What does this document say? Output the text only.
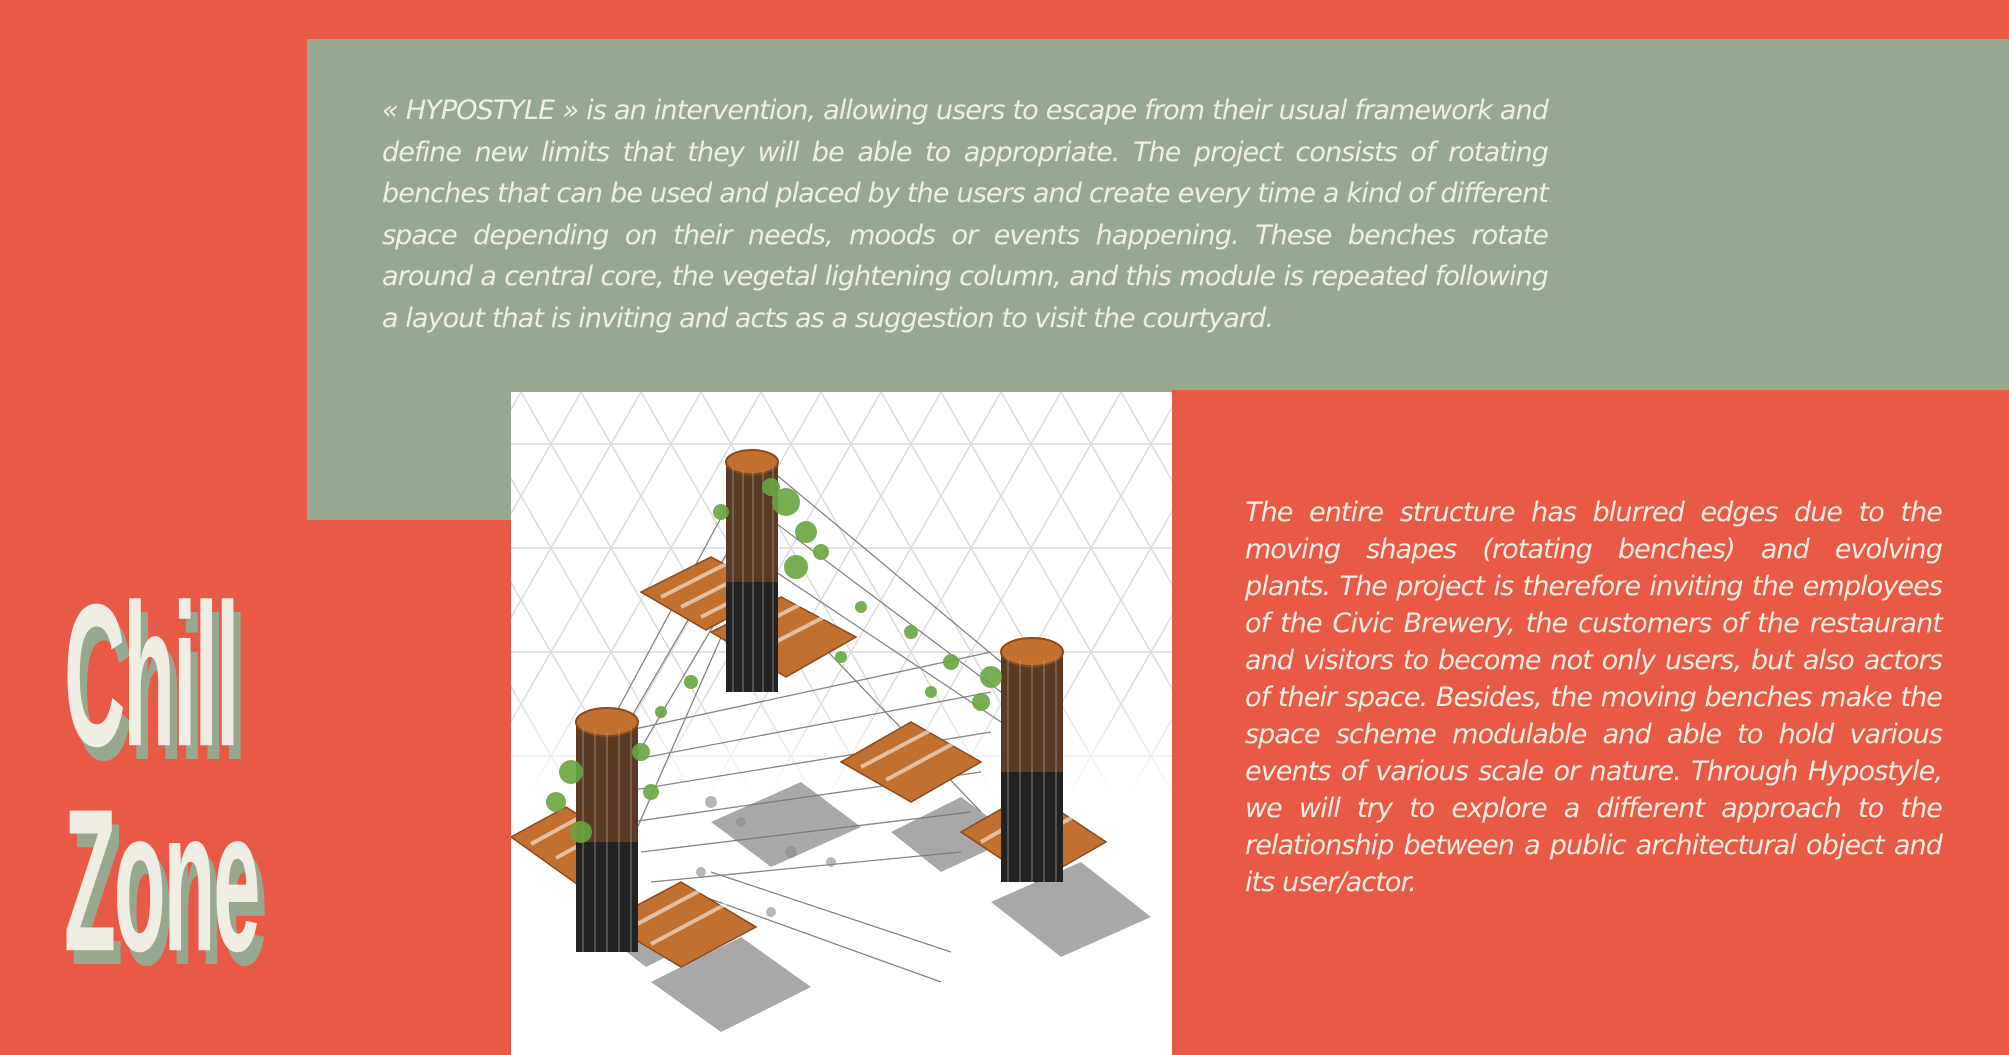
« HYPOSTYLE » is an intervention, allowing users to escape from their usual framework and define new limits that they will be able to appropriate. The project consists of rotating benches that can be used and placed by the users and create every time a kind of different space depending on their needs, moods or events happening. These benches rotate around a central core, the vegetal lightening column, and this module is repeated following a layout that is inviting and acts as a suggestion to visit the courtyard.

The entire structure has blurred edges due to the moving shapes (rotating benches) and evolving plants. The project is therefore inviting the employees of the Civic Brewery, the customers of the restaurant and visitors to become not only users, but also actors of their space. Besides, the moving benches make the space scheme modulable and able to hold various events of various scale or nature. Through Hypostyle, we will try to explore a different approach to the relationship between a public architectural object and its user/actor.

Chill
Zone
